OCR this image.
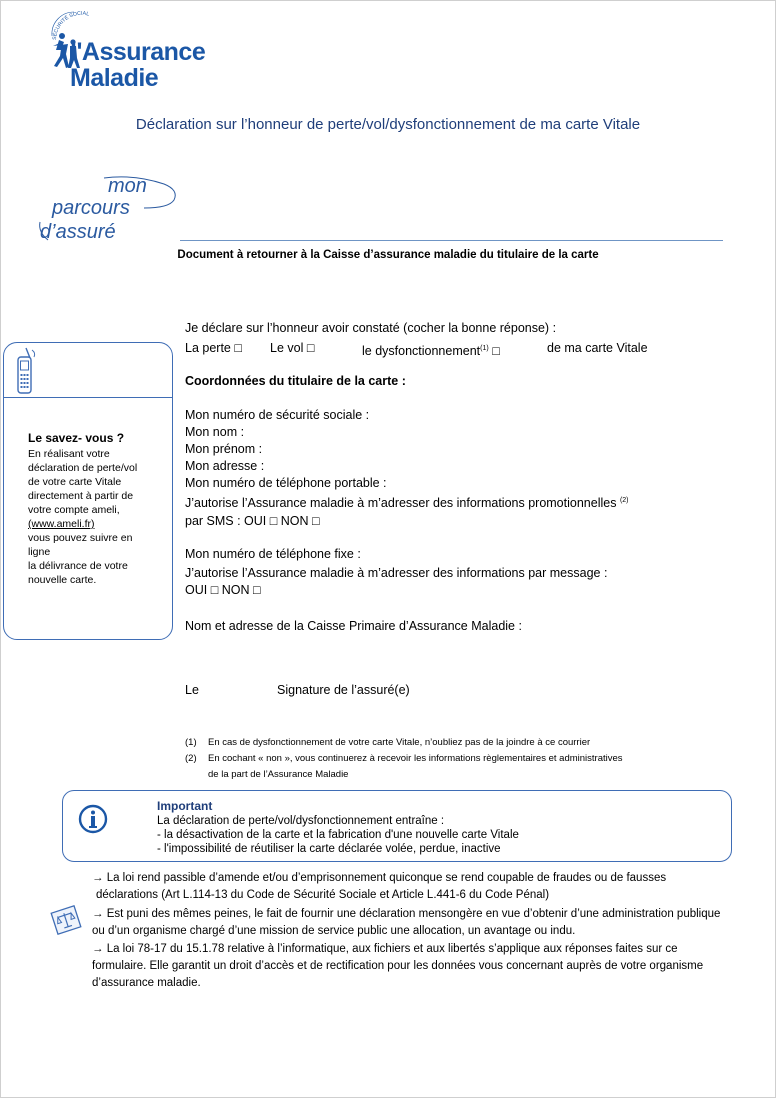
SÉCURITÉ SOCIAL
l'Assurance
Maladie
Déclaration sur l’honneur de perte/vol/dysfonctionnement de ma carte Vitale
mon
parcours
d’assuré
Document à retourner à la Caisse d’assurance maladie du titulaire de la carte
Je déclare sur l’honneur avoir constaté (cocher la bonne réponse) :
La perte □ Le vol □	le dysfonctionnement$^{(1)}$ □	de ma carte Vitale
Coordonnées du titulaire de la carte :
Mon numéro de sécurité sociale :
Mon nom :
Mon prénom :
Mon adresse :
Mon numéro de téléphone portable :
J’autorise l’Assurance maladie à m’adresser des informations promotionnelles $^{(2)}$
par SMS : OUI □ NON □
Mon numéro de téléphone fixe :
J’autorise l’Assurance maladie à m’adresser des informations par message :
OUI □ NON □
Nom et adresse de la Caisse Primaire d’Assurance Maladie :
Le	Signature de l’assuré(e)
(1) En cas de dysfonctionnement de votre carte Vitale, n’oubliez pas de la joindre à ce courrier
(2) En cochant « non », vous continuerez à recevoir les informations règlementaires et administratives
de la part de l’Assurance Maladie
Le savez- vous ?
En réalisant votre
déclaration de perte/vol
de votre carte Vitale
directement à partir de
votre compte ameli,
(www.ameli.fr)
vous pouvez suivre en
ligne
la délivrance de votre
nouvelle carte.
Important
La déclaration de perte/vol/dysfonctionnement entraîne :
- la désactivation de la carte et la fabrication d'une nouvelle carte Vitale
- l'impossibilité de réutiliser la carte déclarée volée, perdue, inactive
→ La loi rend passible d’amende et/ou d’emprisonnement quiconque se rend coupable de fraudes ou de fausses
déclarations (Art L.114-13 du Code de Sécurité Sociale et Article L.441-6 du Code Pénal)
→ Est puni des mêmes peines, le fait de fournir une déclaration mensongère en vue d’obtenir d’une administration publique
ou d’un organisme chargé d’une mission de service public une allocation, un avantage ou indu.
→ La loi 78-17 du 15.1.78 relative à l’informatique, aux fichiers et aux libertés s’applique aux réponses faites sur ce
formulaire. Elle garantit un droit d’accès et de rectification pour les données vous concernant auprès de votre organisme
d’assurance maladie.
